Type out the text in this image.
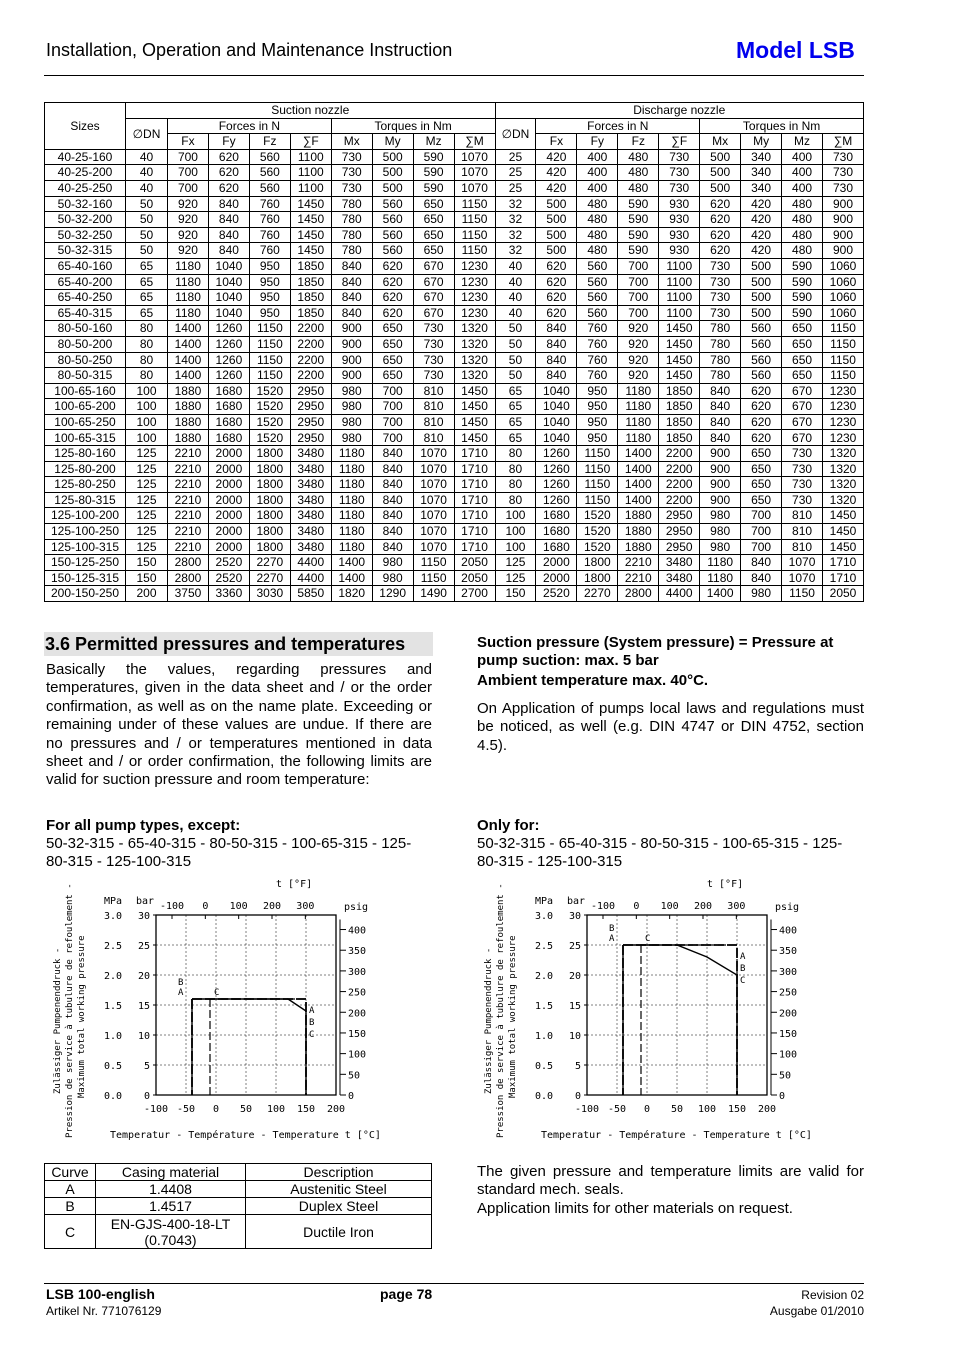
Installation, Operation and Maintenance Instruction	Model LSB
Sizes	Suction nozzle									Discharge nozzle								
	∅DN	Forces in N				Torques in Nm				∅DN	Forces in N				Torques in Nm			
		Fx	Fy	Fz	∑F	Mx	My	Mz	∑M		Fx	Fy	Fz	∑F	Mx	My	Mz	∑M
40-25-160	40	700	620	560	1100	730	500	590	1070	25	420	400	480	730	500	340	400	730
40-25-200	40	700	620	560	1100	730	500	590	1070	25	420	400	480	730	500	340	400	730
40-25-250	40	700	620	560	1100	730	500	590	1070	25	420	400	480	730	500	340	400	730
50-32-160	50	920	840	760	1450	780	560	650	1150	32	500	480	590	930	620	420	480	900
50-32-200	50	920	840	760	1450	780	560	650	1150	32	500	480	590	930	620	420	480	900
50-32-250	50	920	840	760	1450	780	560	650	1150	32	500	480	590	930	620	420	480	900
50-32-315	50	920	840	760	1450	780	560	650	1150	32	500	480	590	930	620	420	480	900
65-40-160	65	1180	1040	950	1850	840	620	670	1230	40	620	560	700	1100	730	500	590	1060
65-40-200	65	1180	1040	950	1850	840	620	670	1230	40	620	560	700	1100	730	500	590	1060
65-40-250	65	1180	1040	950	1850	840	620	670	1230	40	620	560	700	1100	730	500	590	1060
65-40-315	65	1180	1040	950	1850	840	620	670	1230	40	620	560	700	1100	730	500	590	1060
80-50-160	80	1400	1260	1150	2200	900	650	730	1320	50	840	760	920	1450	780	560	650	1150
80-50-200	80	1400	1260	1150	2200	900	650	730	1320	50	840	760	920	1450	780	560	650	1150
80-50-250	80	1400	1260	1150	2200	900	650	730	1320	50	840	760	920	1450	780	560	650	1150
80-50-315	80	1400	1260	1150	2200	900	650	730	1320	50	840	760	920	1450	780	560	650	1150
100-65-160	100	1880	1680	1520	2950	980	700	810	1450	65	1040	950	1180	1850	840	620	670	1230
100-65-200	100	1880	1680	1520	2950	980	700	810	1450	65	1040	950	1180	1850	840	620	670	1230
100-65-250	100	1880	1680	1520	2950	980	700	810	1450	65	1040	950	1180	1850	840	620	670	1230
100-65-315	100	1880	1680	1520	2950	980	700	810	1450	65	1040	950	1180	1850	840	620	670	1230
125-80-160	125	2210	2000	1800	3480	1180	840	1070	1710	80	1260	1150	1400	2200	900	650	730	1320
125-80-200	125	2210	2000	1800	3480	1180	840	1070	1710	80	1260	1150	1400	2200	900	650	730	1320
125-80-250	125	2210	2000	1800	3480	1180	840	1070	1710	80	1260	1150	1400	2200	900	650	730	1320
125-80-315	125	2210	2000	1800	3480	1180	840	1070	1710	80	1260	1150	1400	2200	900	650	730	1320
125-100-200	125	2210	2000	1800	3480	1180	840	1070	1710	100	1680	1520	1880	2950	980	700	810	1450
125-100-250	125	2210	2000	1800	3480	1180	840	1070	1710	100	1680	1520	1880	2950	980	700	810	1450
125-100-315	125	2210	2000	1800	3480	1180	840	1070	1710	100	1680	1520	1880	2950	980	700	810	1450
150-125-250	150	2800	2520	2270	4400	1400	980	1150	2050	125	2000	1800	2210	3480	1180	840	1070	1710
150-125-315	150	2800	2520	2270	4400	1400	980	1150	2050	125	2000	1800	2210	3480	1180	840	1070	1710
200-150-250	200	3750	3360	3030	5850	1820	1290	1490	2700	150	2520	2270	2800	4400	1400	980	1150	2050
3.6 Permitted pressures and temperatures
Basically the values, regarding pressures and temperatures, given in the data sheet and / or the order confirmation, as well as on the name plate. Exceeding or remaining under of these values are undue. If there are no pressures and / or temperatures mentioned in data sheet and / or order confirmation, the following limits are valid for suction pressure and room temperature:
Suction pressure (System pressure) = Pressure at pump suction: max. 5 bar
Ambient temperature max. 40°C.
On Application of pumps local laws and regulations must be noticed, as well (e.g. DIN 4747 or DIN 4752, section 4.5).
For all pump types, except:
50-32-315 - 65-40-315 - 80-50-315 - 100-65-315 - 125-80-315 - 125-100-315
Only for:
50-32-315 - 65-40-315 - 80-50-315 - 100-65-315 - 125-80-315 - 125-100-315
0
0.0
5
0.5
10
1.0
15
1.5
20
2.0
25
2.5
30
3.0
MPa bar
-100 -50 0 50 100 150 200
Temperatur - Température - Temperature t [°C]
-100 0 100 200 300
t [°F]
0
50
100
150
200
250
300
350
400
psig
Zulässiger Pumpenenddruck - Pression de service à tubulure de refoulement - Maximum total working pressure	A
A
B
B
C
C
0
0.0
5
0.5
10
1.0
15
1.5
20
2.0
25
2.5
30
3.0
MPa bar
-100 -50 0 50 100 150 200
Temperatur - Température - Temperature t [°C]
-100 0 100 200 300
t [°F]
0
50
100
150
200
250
300
350
400
psig
Zulässiger Pumpenenddruck - Pression de service à tubulure de refoulement - Maximum total working pressure	A
A
B
B
C
C
Curve	Casing material	Description
A	1.4408	Austenitic Steel
B	1.4517	Duplex Steel
C	EN-GJS-400-18-LT (0.7043)	Ductile Iron
The given pressure and temperature limits are valid for standard mech. seals.
Application limits for other materials on request.
LSB 100-english	page 78	Revision 02
Artikel Nr. 771076129	Ausgabe 01/2010
